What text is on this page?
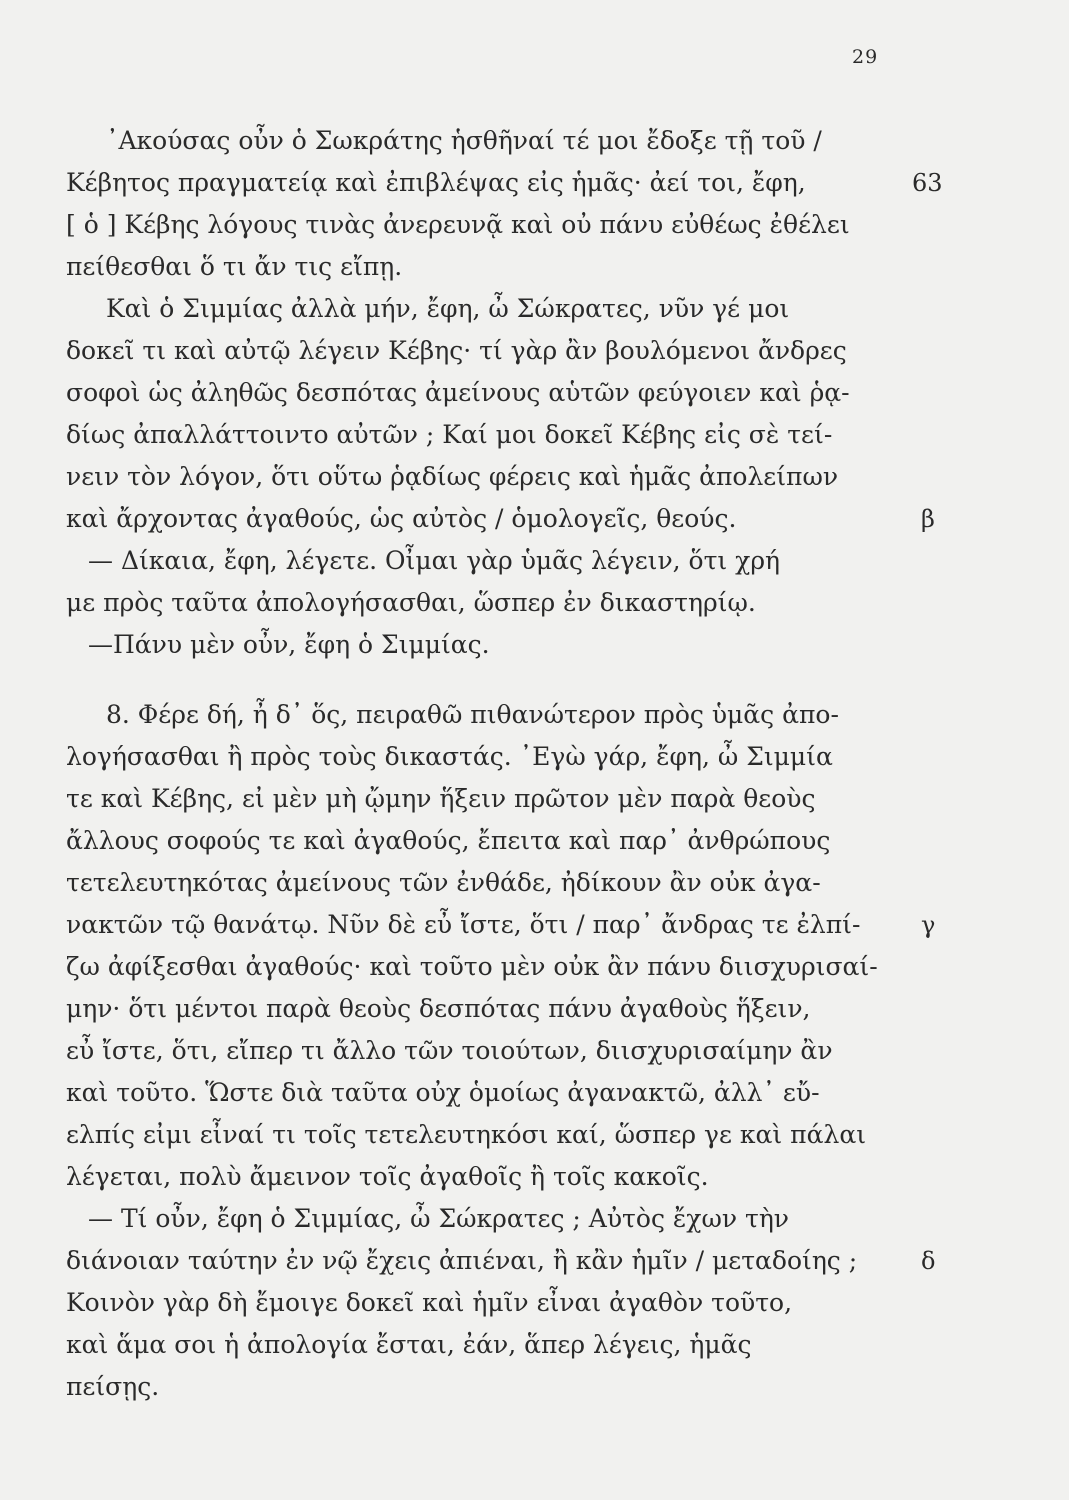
29
᾿Ακούσας οὖν ὁ Σωκράτης ἡσθῆναί τέ μοι ἔδοξε τῇ τοῦ /
Κέβητος πραγματείᾳ καὶ ἐπιβλέψας εἰς ἡμᾶς· ἀεί τοι, ἔφη,	63
[ ὁ ] Κέβης λόγους τινὰς ἀνερευνᾷ καὶ οὐ πάνυ εὐθέως ἐθέλει
πείθεσθαι ὅ τι ἄν τις εἴπῃ.
Καὶ ὁ Σιμμίας ἀλλὰ μήν, ἔφη, ὦ Σώκρατες, νῦν γέ μοι
δοκεῖ τι καὶ αὐτῷ λέγειν Κέβης· τί γὰρ ἂν βουλόμενοι ἄνδρες
σοφοὶ ὡς ἀληθῶς δεσπότας ἀμείνους αὑτῶν φεύγοιεν καὶ ῥᾳ-
δίως ἀπαλλάττοιντο αὐτῶν ; Καί μοι δοκεῖ Κέβης εἰς σὲ τεί-
νειν τὸν λόγον, ὅτι οὕτω ῥᾳδίως φέρεις καὶ ἡμᾶς ἀπολείπων
καὶ ἄρχοντας ἀγαθούς, ὡς αὐτὸς / ὁμολογεῖς, θεούς.	β
— Δίκαια, ἔφη, λέγετε. Οἶμαι γὰρ ὑμᾶς λέγειν, ὅτι χρή
με πρὸς ταῦτα ἀπολογήσασθαι, ὥσπερ ἐν δικαστηρίῳ.
—Πάνυ μὲν οὖν, ἔφη ὁ Σιμμίας.
8. Φέρε δή, ἦ δ᾽ ὅς, πειραθῶ πιθανώτερον πρὸς ὑμᾶς ἀπο-
λογήσασθαι ἢ πρὸς τοὺς δικαστάς. ᾿Εγὼ γάρ, ἔφη, ὦ Σιμμία
τε καὶ Κέβης, εἰ μὲν μὴ ᾤμην ἥξειν πρῶτον μὲν παρὰ θεοὺς
ἄλλους σοφούς τε καὶ ἀγαθούς, ἔπειτα καὶ παρ᾽ ἀνθρώπους
τετελευτηκότας ἀμείνους τῶν ἐνθάδε, ἠδίκουν ἂν οὐκ ἀγα-
νακτῶν τῷ θανάτῳ. Νῦν δὲ εὖ ἴστε, ὅτι / παρ᾽ ἄνδρας τε ἐλπί-	γ
ζω ἀφίξεσθαι ἀγαθούς· καὶ τοῦτο μὲν οὐκ ἂν πάνυ διισχυρισαί-
μην· ὅτι μέντοι παρὰ θεοὺς δεσπότας πάνυ ἀγαθοὺς ἥξειν,
εὖ ἴστε, ὅτι, εἴπερ τι ἄλλο τῶν τοιούτων, διισχυρισαίμην ἂν
καὶ τοῦτο. Ὥστε διὰ ταῦτα οὐχ ὁμοίως ἀγανακτῶ, ἀλλ᾽ εὔ-
ελπίς εἰμι εἶναί τι τοῖς τετελευτηκόσι καί, ὥσπερ γε καὶ πάλαι
λέγεται, πολὺ ἄμεινον τοῖς ἀγαθοῖς ἢ τοῖς κακοῖς.
— Τί οὖν, ἔφη ὁ Σιμμίας, ὦ Σώκρατες ; Αὐτὸς ἔχων τὴν
διάνοιαν ταύτην ἐν νῷ ἔχεις ἀπιέναι, ἢ κἂν ἡμῖν / μεταδοίης ;	δ
Κοινὸν γὰρ δὴ ἔμοιγε δοκεῖ καὶ ἡμῖν εἶναι ἀγαθὸν τοῦτο,
καὶ ἅμα σοι ἡ ἀπολογία ἔσται, ἐάν, ἅπερ λέγεις, ἡμᾶς
πείσῃς.
